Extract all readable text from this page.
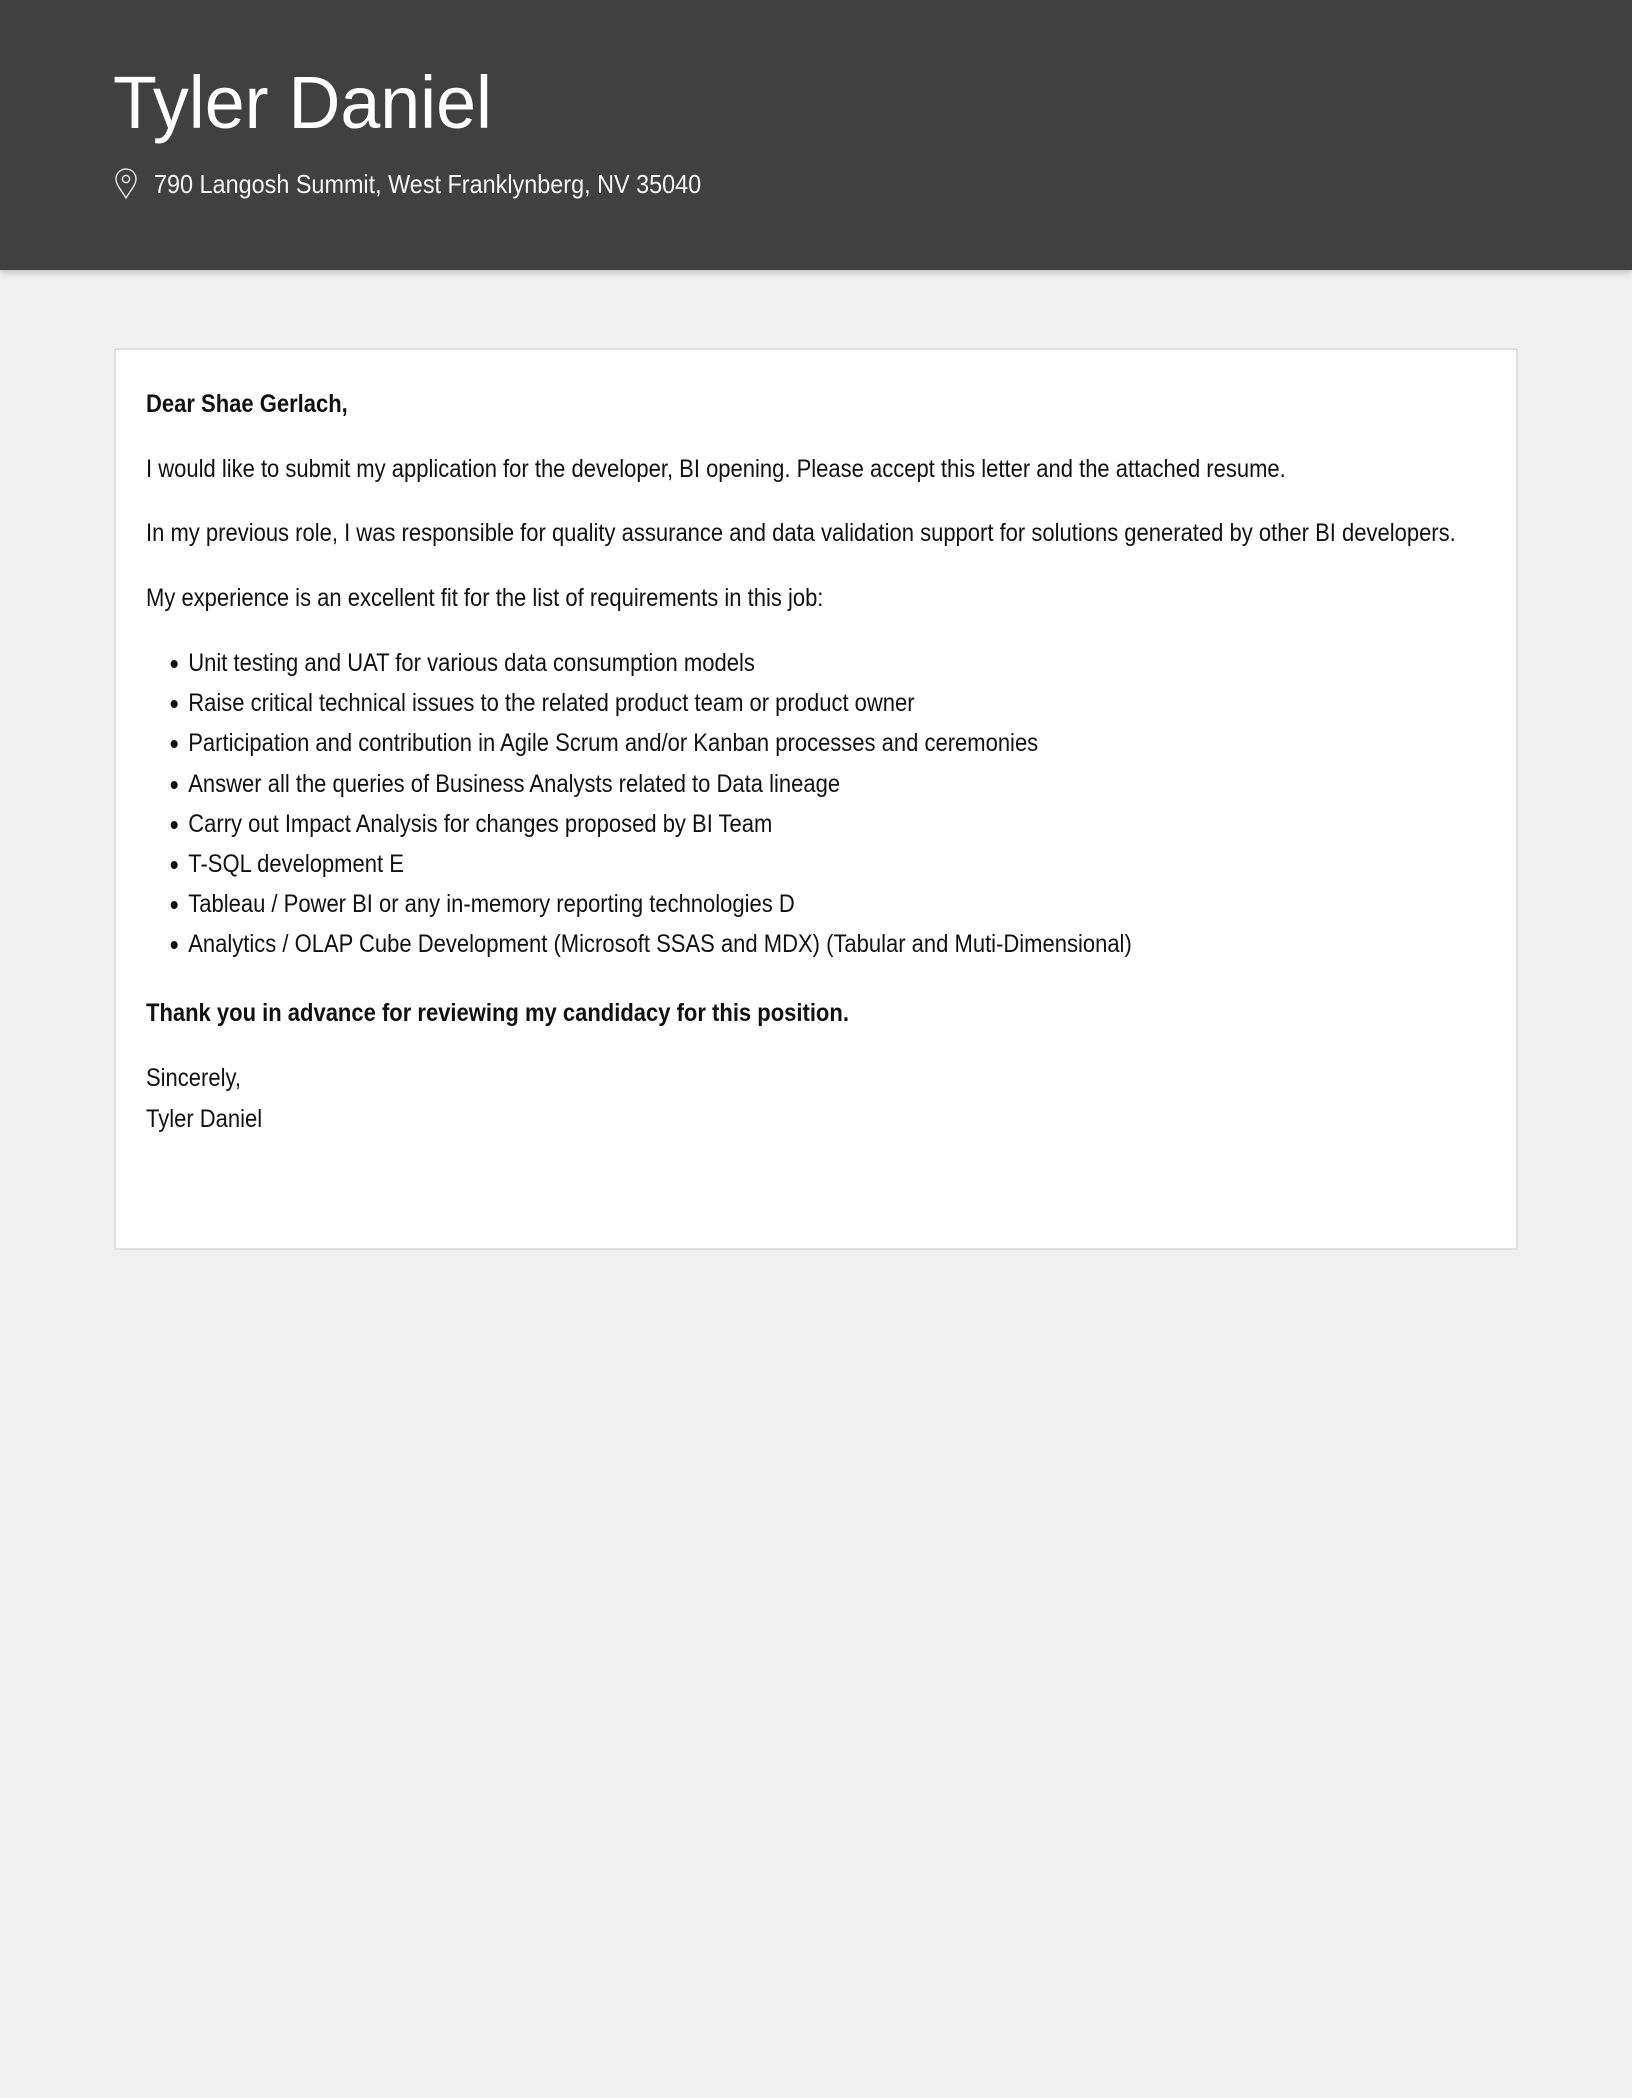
Tyler Daniel
790 Langosh Summit, West Franklynberg, NV 35040

Dear Shae Gerlach,

I would like to submit my application for the developer, BI opening. Please accept this letter and the attached resume.

In my previous role, I was responsible for quality assurance and data validation support for solutions generated by other BI developers.

My experience is an excellent fit for the list of requirements in this job:

Unit testing and UAT for various data consumption models
Raise critical technical issues to the related product team or product owner
Participation and contribution in Agile Scrum and/or Kanban processes and ceremonies
Answer all the queries of Business Analysts related to Data lineage
Carry out Impact Analysis for changes proposed by BI Team
T-SQL development E
Tableau / Power BI or any in-memory reporting technologies D
Analytics / OLAP Cube Development (Microsoft SSAS and MDX) (Tabular and Muti-Dimensional)

Thank you in advance for reviewing my candidacy for this position.

Sincerely,
Tyler Daniel
